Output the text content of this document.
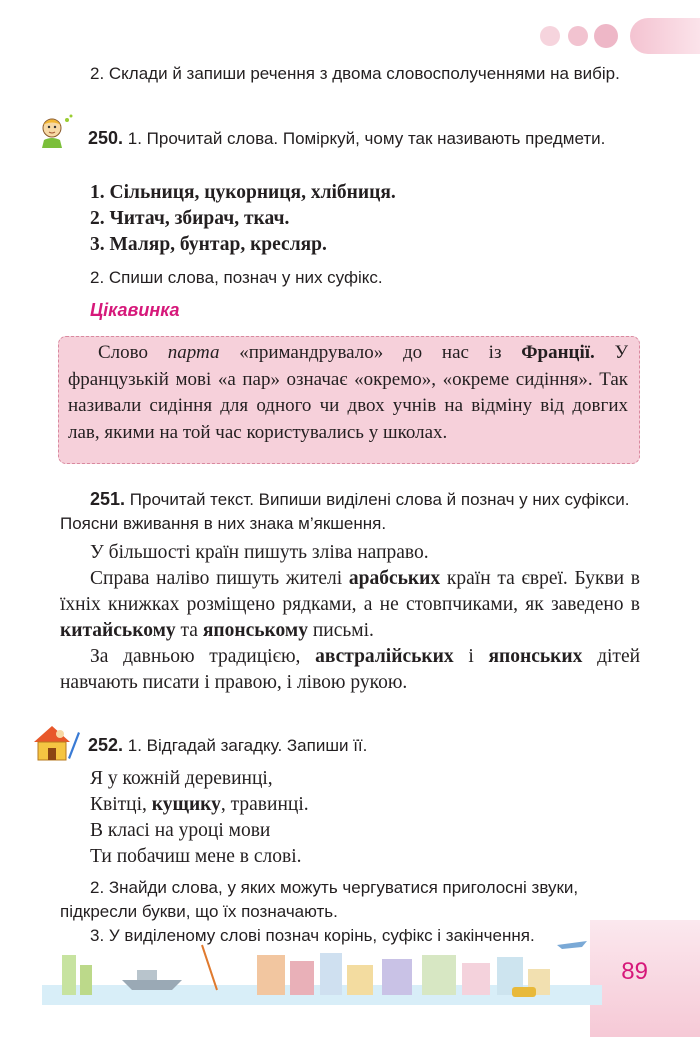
2. Склади й запиши речення з двома словосполученнями на вибір.
250. 1. Прочитай слова. Поміркуй, чому так називають предмети.
1. Сільниця, цукорниця, хлібниця.
2. Читач, збирач, ткач.
3. Маляр, бунтар, кресляр.
2. Спиши слова, познач у них суфікс.
Цікавинка
Слово парта «примандрувало» до нас із Франції. У французькій мові «а пар» означає «окремо», «окреме сидіння». Так називали сидіння для одного чи двох учнів на відміну від довгих лав, якими на той час користувались у школах.
251. Прочитай текст. Випиши виділені слова й познач у них суфікси. Поясни вживання в них знака м’якшення.
У більшості країн пишуть зліва направо.
Справа наліво пишуть жителі арабських країн та євреї. Букви в їхніх книжках розміщено рядками, а не стовпчиками, як заведено в китайському та японському письмі.
За давньою традицією, австралійських і японських дітей навчають писати і правою, і лівою рукою.
252. 1. Відгадай загадку. Запиши її.
Я у кожній деревинці,
Квітці, кущику, травинці.
В класі на уроці мови
Ти побачиш мене в слові.
2. Знайди слова, у яких можуть чергуватися приголосні звуки, підкресли букви, що їх позначають.
3. У виділеному слові познач корінь, суфікс і закінчення.
89
